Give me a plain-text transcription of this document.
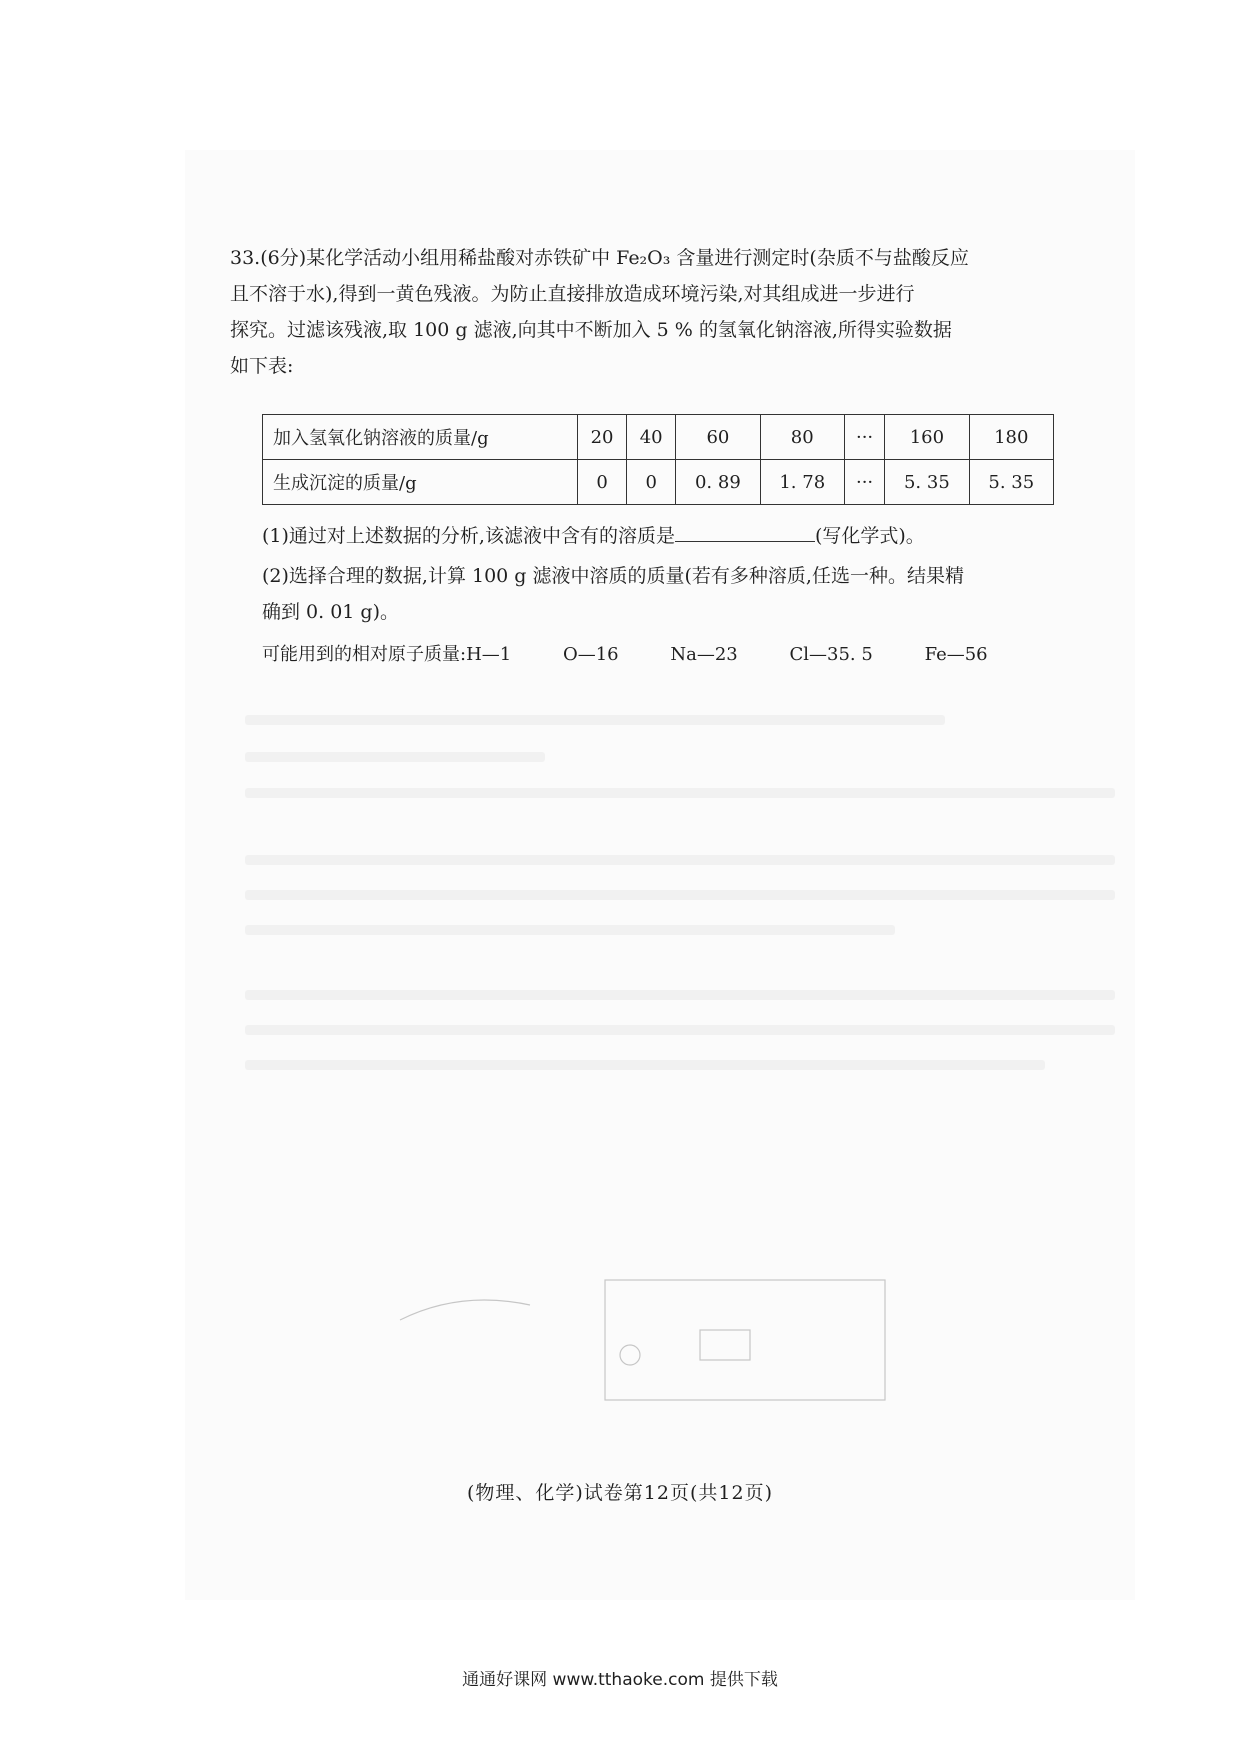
33.(6分)某化学活动小组用稀盐酸对赤铁矿中 Fe₂O₃ 含量进行测定时(杂质不与盐酸反应

且不溶于水),得到一黄色残液。为防止直接排放造成环境污染,对其组成进一步进行

探究。过滤该残液,取 100 g 滤液,向其中不断加入 5 % 的氢氧化钠溶液,所得实验数据

如下表:

加入氢氧化钠溶液的质量/g	20	40	60	80	···	160	180
生成沉淀的质量/g	0	0	0. 89	1. 78	···	5. 35	5. 35

(1)通过对上述数据的分析,该滤液中含有的溶质是	(写化学式)。

(2)选择合理的数据,计算 100 g 滤液中溶质的质量(若有多种溶质,任选一种。结果精

确到 0. 01 g)。

可能用到的相对原子质量:H—1	O—16	Na—23	Cl—35. 5	Fe—56
(物理、化学)试卷第12页(共12页)
通通好课网 www.tthaoke.com 提供下载
